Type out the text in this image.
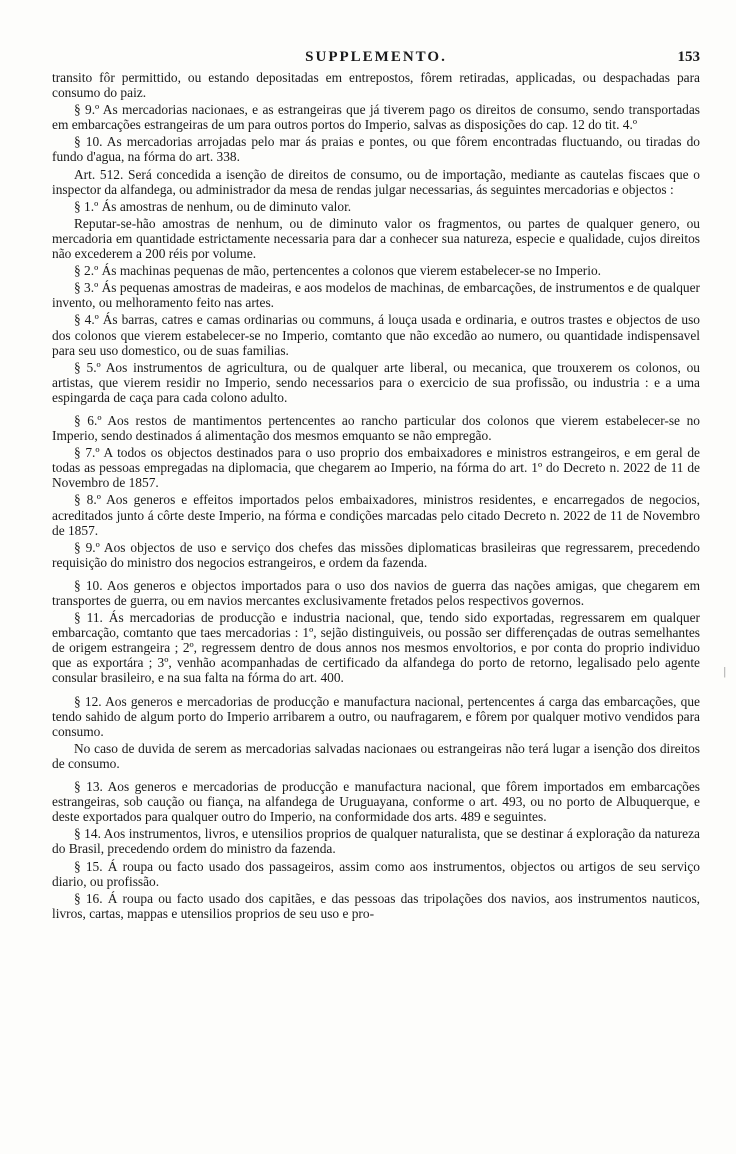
SUPPLEMENTO.	153

transito fôr permittido, ou estando depositadas em entrepostos, fôrem retiradas, applicadas, ou despachadas para consumo do paiz.

§ 9.º As mercadorias nacionaes, e as estrangeiras que já tiverem pago os direitos de consumo, sendo transportadas em embarcações estrangeiras de um para outros portos do Imperio, salvas as disposições do cap. 12 do tit. 4.º

§ 10. As mercadorias arrojadas pelo mar ás praias e pontes, ou que fôrem encontradas fluctuando, ou tiradas do fundo d'agua, na fórma do art. 338.

Art. 512. Será concedida a isenção de direitos de consumo, ou de importação, mediante as cautelas fiscaes que o inspector da alfandega, ou administrador da mesa de rendas julgar necessarias, ás seguintes mercadorias e objectos :

§ 1.º Ás amostras de nenhum, ou de diminuto valor.

Reputar-se-hão amostras de nenhum, ou de diminuto valor os fragmentos, ou partes de qualquer genero, ou mercadoria em quantidade estrictamente necessaria para dar a conhecer sua natureza, especie e qualidade, cujos direitos não excederem a 200 réis por volume.

§ 2.º Ás machinas pequenas de mão, pertencentes a colonos que vierem estabelecer-se no Imperio.

§ 3.º Ás pequenas amostras de madeiras, e aos modelos de machinas, de embarcações, de instrumentos e de qualquer invento, ou melhoramento feito nas artes.

§ 4.º Ás barras, catres e camas ordinarias ou communs, á louça usada e ordinaria, e outros trastes e objectos de uso dos colonos que vierem estabelecer-se no Imperio, comtanto que não excedão ao numero, ou quantidade indispensavel para seu uso domestico, ou de suas familias.

§ 5.º Aos instrumentos de agricultura, ou de qualquer arte liberal, ou mecanica, que trouxerem os colonos, ou artistas, que vierem residir no Imperio, sendo necessarios para o exercicio de sua profissão, ou industria : e a uma espingarda de caça para cada colono adulto.

§ 6.º Aos restos de mantimentos pertencentes ao rancho particular dos colonos que vierem estabelecer-se no Imperio, sendo destinados á alimentação dos mesmos emquanto se não empregão.

§ 7.º A todos os objectos destinados para o uso proprio dos embaixadores e ministros estrangeiros, e em geral de todas as pessoas empregadas na diplomacia, que chegarem ao Imperio, na fórma do art. 1º do Decreto n. 2022 de 11 de Novembro de 1857.

§ 8.º Aos generos e effeitos importados pelos embaixadores, ministros residentes, e encarregados de negocios, acreditados junto á côrte deste Imperio, na fórma e condições marcadas pelo citado Decreto n. 2022 de 11 de Novembro de 1857.

§ 9.º Aos objectos de uso e serviço dos chefes das missões diplomaticas brasileiras que regressarem, precedendo requisição do ministro dos negocios estrangeiros, e ordem da fazenda.

§ 10. Aos generos e objectos importados para o uso dos navios de guerra das nações amigas, que chegarem em transportes de guerra, ou em navios mercantes exclusivamente fretados pelos respectivos governos.

§ 11. Ás mercadorias de producção e industria nacional, que, tendo sido exportadas, regressarem em qualquer embarcação, comtanto que taes mercadorias : 1º, sejão distinguiveis, ou possão ser differençadas de outras semelhantes de origem estrangeira ; 2º, regressem dentro de dous annos nos mesmos envoltorios, e por conta do proprio individuo que as exportára ; 3º, venhão acompanhadas de certificado da alfandega do porto de retorno, legalisado pelo agente consular brasileiro, e na sua falta na fórma do art. 400.

§ 12. Aos generos e mercadorias de producção e manufactura nacional, pertencentes á carga das embarcações, que tendo sahido de algum porto do Imperio arribarem a outro, ou naufragarem, e fôrem por qualquer motivo vendidos para consumo.

No caso de duvida de serem as mercadorias salvadas nacionaes ou estrangeiras não terá lugar a isenção dos direitos de consumo.

§ 13. Aos generos e mercadorias de producção e manufactura nacional, que fôrem importados em embarcações estrangeiras, sob caução ou fiança, na alfandega de Uruguayana, conforme o art. 493, ou no porto de Albuquerque, e deste exportados para qualquer outro do Imperio, na conformidade dos arts. 489 e seguintes.

§ 14. Aos instrumentos, livros, e utensilios proprios de qualquer naturalista, que se destinar á exploração da natureza do Brasil, precedendo ordem do ministro da fazenda.

§ 15. Á roupa ou facto usado dos passageiros, assim como aos instrumentos, objectos ou artigos de seu serviço diario, ou profissão.

§ 16. Á roupa ou facto usado dos capitães, e das pessoas das tripolações dos navios, aos instrumentos nauticos, livros, cartas, mappas e utensilios proprios de seu uso e pro-

|
